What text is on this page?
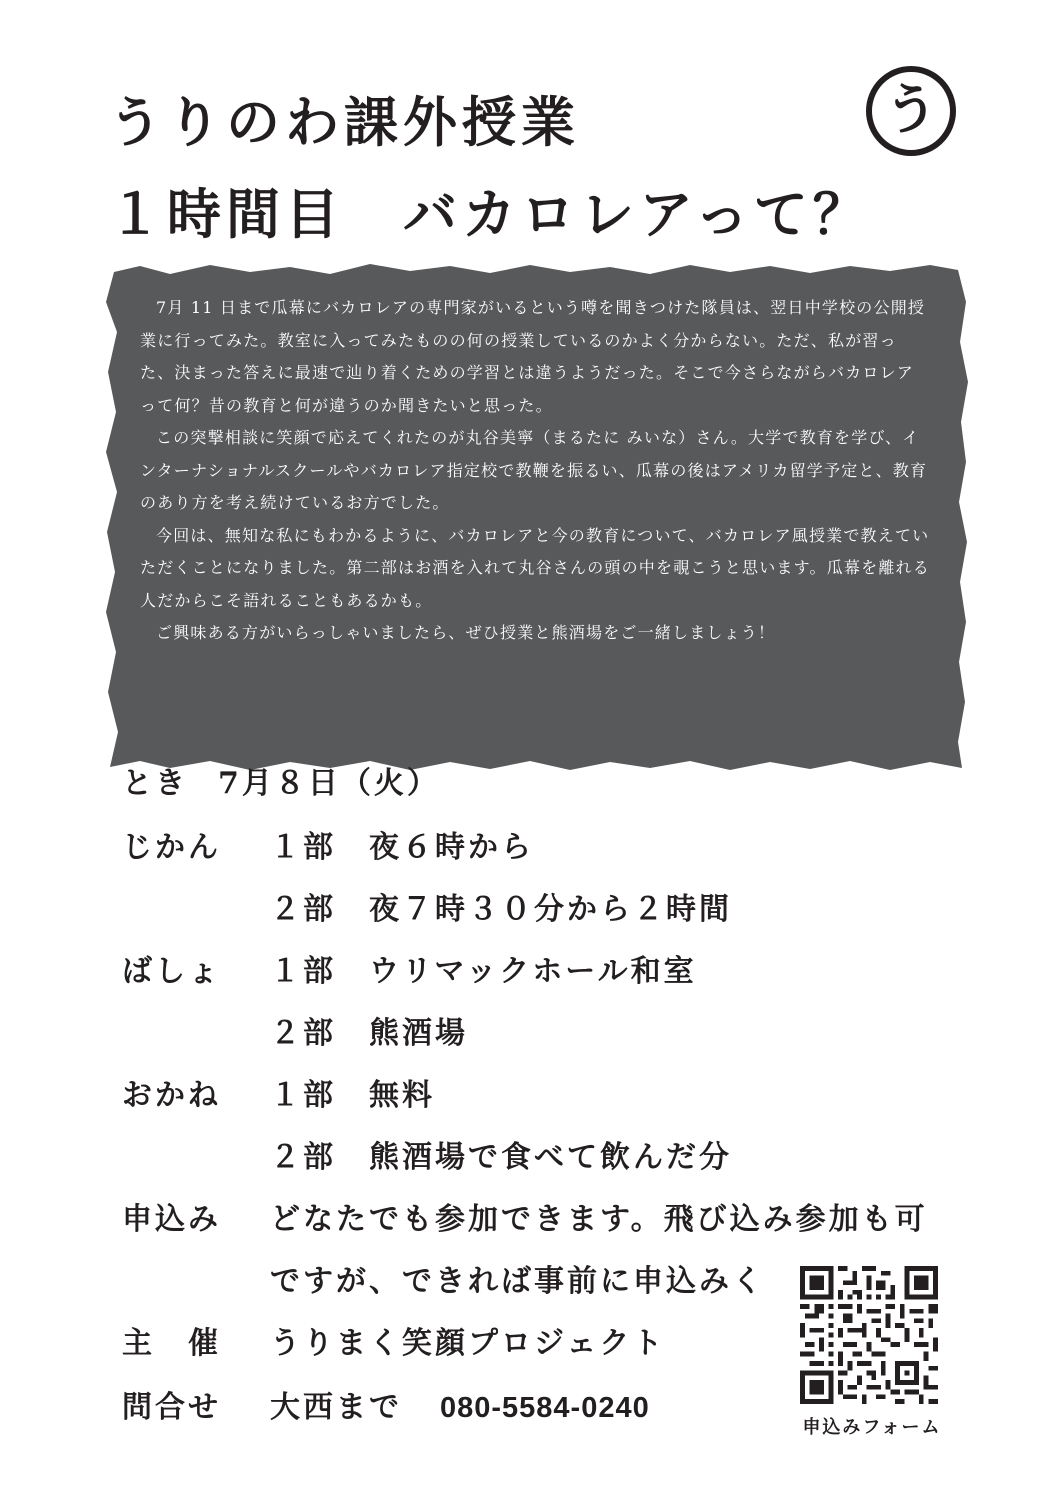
うりのわ課外授業
１時間目　バカロレアって？
う

7月 11 日まで瓜幕にバカロレアの専門家がいるという噂を聞きつけた隊員は、翌日中学校の公開授業に行ってみた。教室に入ってみたものの何の授業しているのかよく分からない。ただ、私が習った、決まった答えに最速で辿り着くための学習とは違うようだった。そこで今さらながらバカロレアって何？昔の教育と何が違うのか聞きたいと思った。

この突撃相談に笑顔で応えてくれたのが丸谷美寧（まるたに みいな）さん。大学で教育を学び、インターナショナルスクールやバカロレア指定校で教鞭を振るい、瓜幕の後はアメリカ留学予定と、教育のあり方を考え続けているお方でした。

今回は、無知な私にもわかるように、バカロレアと今の教育について、バカロレア風授業で教えていただくことになりました。第二部はお酒を入れて丸谷さんの頭の中を覗こうと思います。瓜幕を離れる人だからこそ語れることもあるかも。

ご興味ある方がいらっしゃいましたら、ぜひ授業と熊酒場をご一緒しましょう！

とき 7月８日（火）
じかん １部　夜６時から
２部　夜７時３０分から２時間
ばしょ １部　ウリマックホール和室
２部　熊酒場
おかね １部　無料
２部　熊酒場で食べて飲んだ分
申込み どなたでも参加できます。飛び込み参加も可
ですが、できれば事前に申込みく
主　催 うりまく笑顔プロジェクト
問合せ 大西まで 080-5584-0240
申込みフォーム
